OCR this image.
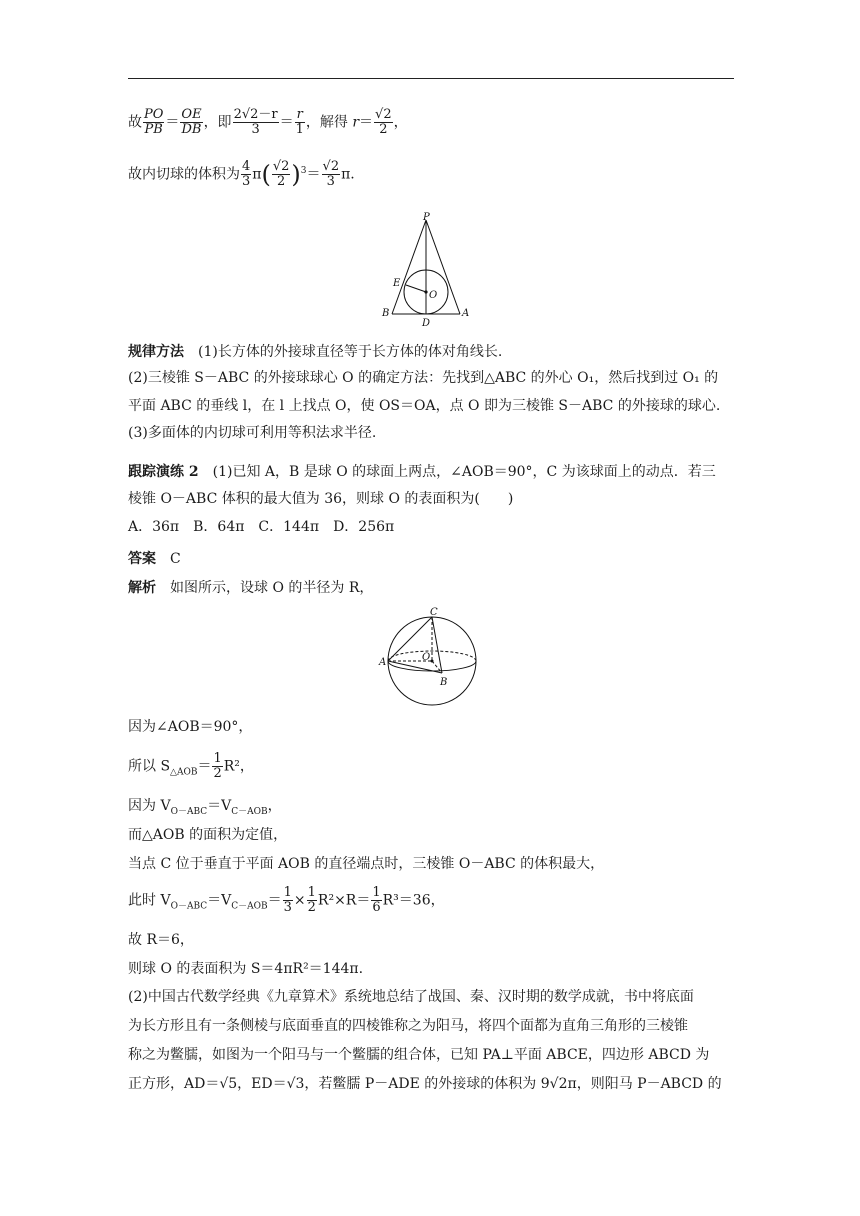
故 $\frac{PO}{PB} = \frac{OE}{DB}$ ，即 $\frac{2√2-r}{3} = \frac{r}{1}$ ，解得 $r= \frac{√2}{2}$ ，
故内切球的体积为 $\frac{4}{3} \pi( \frac{√2}{2} )^3= \frac{√2}{3} \pi$.
P
E
O
B
D
A
规律方法　 (1)长方体的外接球直径等于长方体的体对角线长.
(2)三棱锥 S－ABC 的外接球球心 O 的确定方法：先找到△ABC 的外心 O₁，然后找到过 O₁ 的
平面 ABC 的垂线 l，在 l 上找点 O，使 OS＝OA，点 O 即为三棱锥 S－ABC 的外接球的球心.
(3)多面体的内切球可利用等积法求半径.
跟踪演练 2　 (1)已知 A，B 是球 O 的球面上两点，∠AOB＝90°，C 为该球面上的动点．若三
棱锥 O－ABC 体积的最大值为 36，则球 O 的表面积为(　　)
A．36π　B．64π　C．144π　D．256π
答案　 C
解析　 如图所示，设球 O 的半径为 R，
C
A	O
B
因为∠AOB＝90°，
所以 $S_{\triangle AOB}= \frac{1}{2} R^2$，
因为 $V_{O-ABC}=V_{C-AOB}$，
而△AOB 的面积为定值，
当点 C 位于垂直于平面 AOB 的直径端点时，三棱锥 O－ABC 的体积最大，
此时 $V_{O-ABC}=V_{C-AOB}= \frac{1}{3} \times \frac{1}{2} R^2\times R= \frac{1}{6} R^3=36$，
故 R＝6，
则球 O 的表面积为 S＝4πR²＝144π.
(2)中国古代数学经典《九章算术》系统地总结了战国、秦、汉时期的数学成就，书中将底面
为长方形且有一条侧棱与底面垂直的四棱锥称之为阳马，将四个面都为直角三角形的三棱锥
称之为鳖臑，如图为一个阳马与一个鳖臑的组合体，已知 PA⊥平面 ABCE，四边形 ABCD 为
正方形，AD＝√5，ED＝√3，若鳖臑 P－ADE 的外接球的体积为 9√2π，则阳马 P－ABCD 的
